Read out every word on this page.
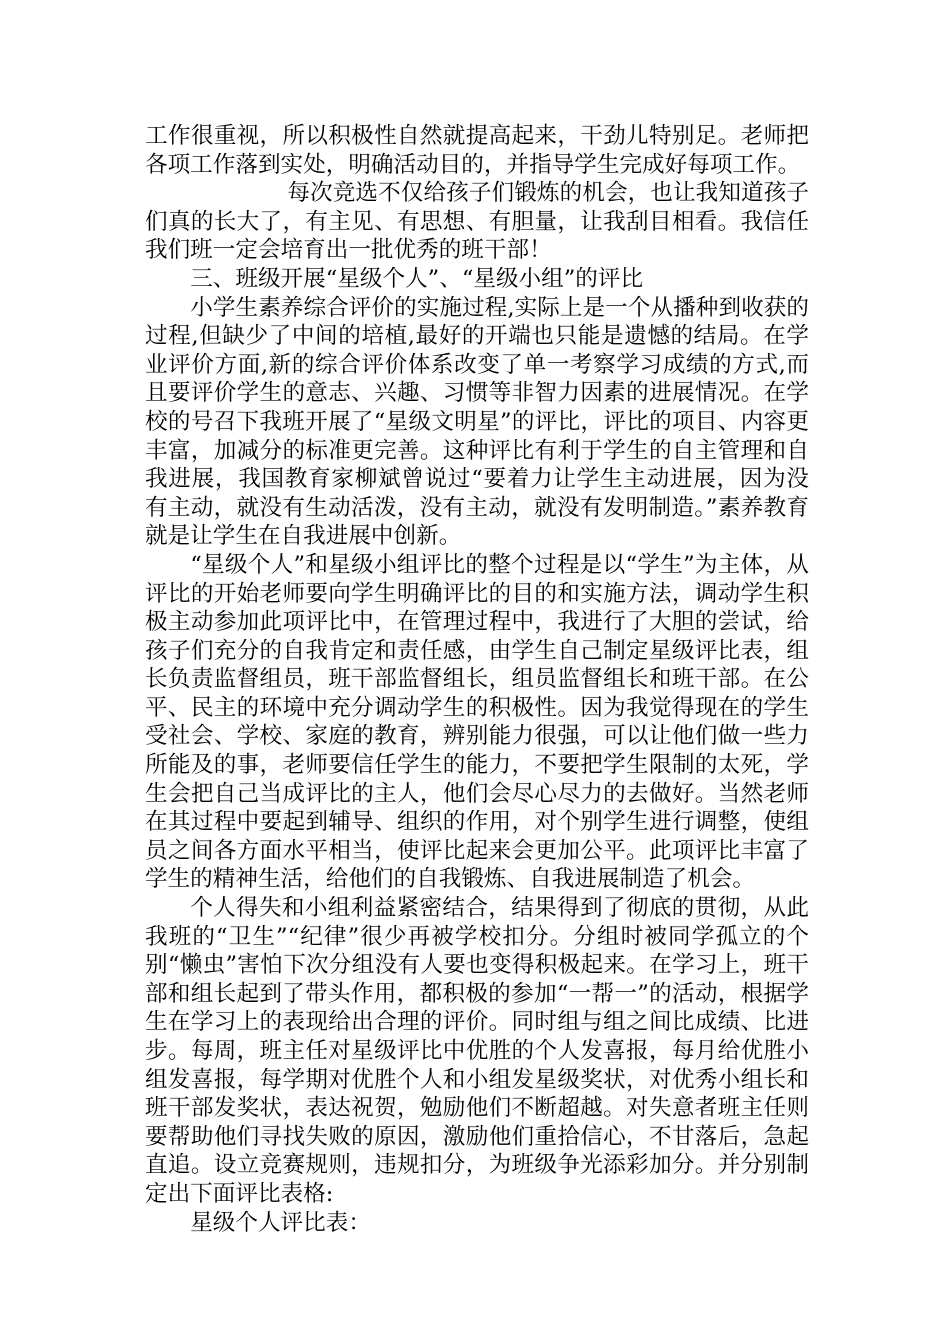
工作很重视，所以积极性自然就提高起来，干劲儿特别足。老师把各项工作落到实处，明确活动目的，并指导学生完成好每项工作。

每次竞选不仅给孩子们锻炼的机会，也让我知道孩子们真的长大了，有主见、有思想、有胆量，让我刮目相看。我信任我们班一定会培育出一批优秀的班干部！

三、班级开展“星级个人”、“星级小组”的评比

小学生素养综合评价的实施过程,实际上是一个从播种到收获的过程,但缺少了中间的培植,最好的开端也只能是遗憾的结局。在学业评价方面,新的综合评价体系改变了单一考察学习成绩的方式,而且要评价学生的意志、兴趣、习惯等非智力因素的进展情况。在学校的号召下我班开展了“星级文明星”的评比，评比的项目、内容更丰富，加减分的标准更完善。这种评比有利于学生的自主管理和自我进展，我国教育家柳斌曾说过“要着力让学生主动进展，因为没有主动，就没有生动活泼，没有主动，就没有发明制造。”素养教育就是让学生在自我进展中创新。

“星级个人”和星级小组评比的整个过程是以“学生”为主体，从评比的开始老师要向学生明确评比的目的和实施方法，调动学生积极主动参加此项评比中，在管理过程中，我进行了大胆的尝试，给孩子们充分的自我肯定和责任感，由学生自己制定星级评比表，组长负责监督组员，班干部监督组长，组员监督组长和班干部。在公平、民主的环境中充分调动学生的积极性。因为我觉得现在的学生受社会、学校、家庭的教育，辨别能力很强，可以让他们做一些力所能及的事，老师要信任学生的能力，不要把学生限制的太死，学生会把自己当成评比的主人，他们会尽心尽力的去做好。当然老师在其过程中要起到辅导、组织的作用，对个别学生进行调整，使组员之间各方面水平相当，使评比起来会更加公平。此项评比丰富了学生的精神生活，给他们的自我锻炼、自我进展制造了机会。

个人得失和小组利益紧密结合，结果得到了彻底的贯彻，从此我班的“卫生”“纪律”很少再被学校扣分。分组时被同学孤立的个别“懒虫”害怕下次分组没有人要也变得积极起来。在学习上，班干部和组长起到了带头作用，都积极的参加“一帮一”的活动，根据学生在学习上的表现给出合理的评价。同时组与组之间比成绩、比进步。每周，班主任对星级评比中优胜的个人发喜报，每月给优胜小组发喜报，每学期对优胜个人和小组发星级奖状，对优秀小组长和班干部发奖状，表达祝贺，勉励他们不断超越。对失意者班主任则要帮助他们寻找失败的原因，激励他们重拾信心，不甘落后，急起直追。设立竞赛规则，违规扣分，为班级争光添彩加分。并分别制定出下面评比表格:

星级个人评比表：
